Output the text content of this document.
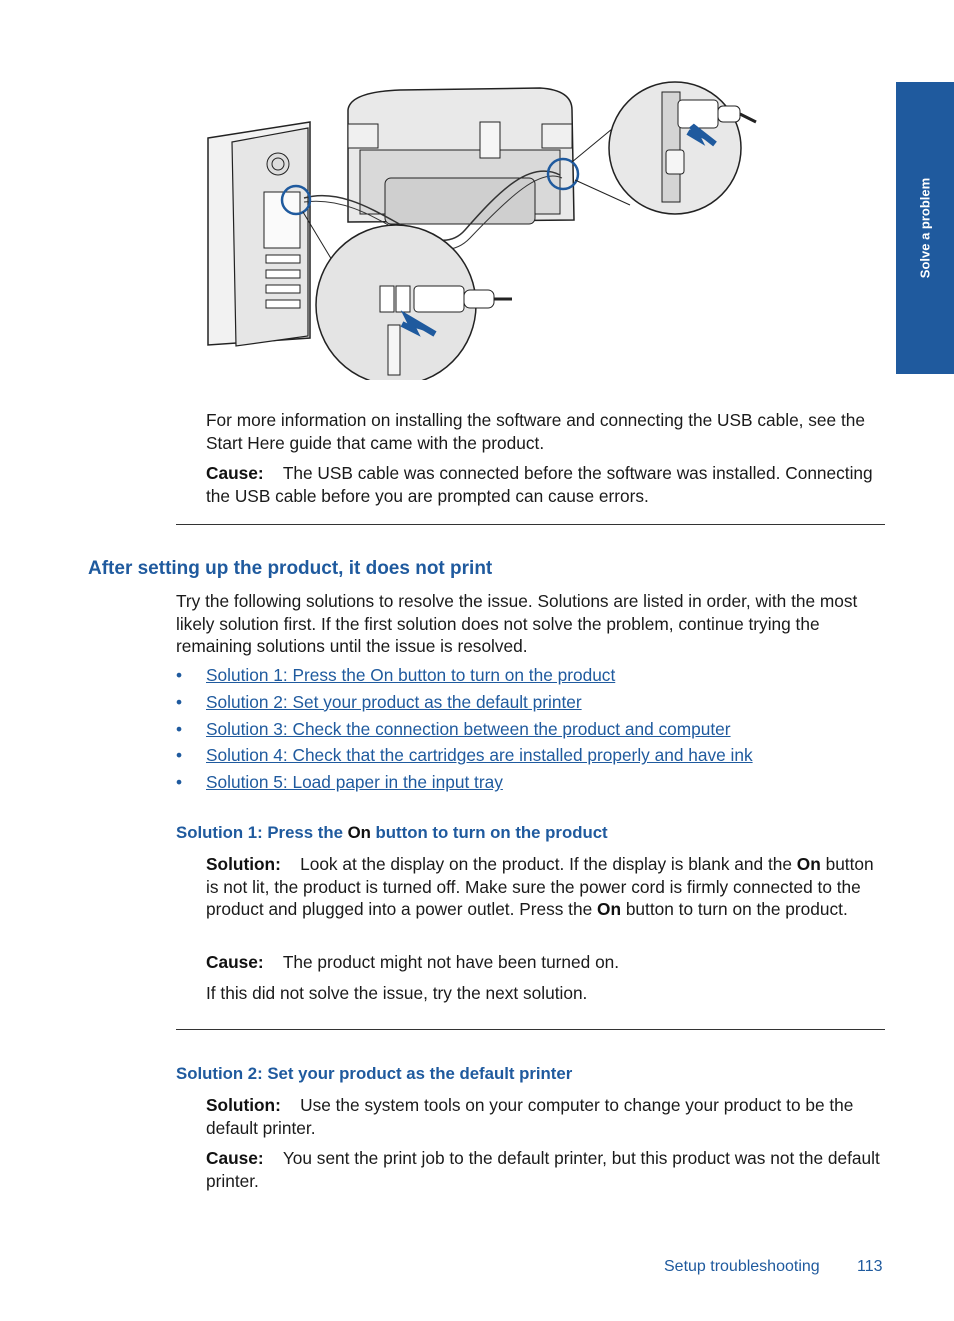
Solve a problem
For more information on installing the software and connecting the USB cable, see the Start Here guide that came with the product.
Cause: The USB cable was connected before the software was installed. Connecting the USB cable before you are prompted can cause errors.
After setting up the product, it does not print
Try the following solutions to resolve the issue. Solutions are listed in order, with the most likely solution first. If the first solution does not solve the problem, continue trying the remaining solutions until the issue is resolved.
• Solution 1: Press the On button to turn on the product
• Solution 2: Set your product as the default printer
• Solution 3: Check the connection between the product and computer
• Solution 4: Check that the cartridges are installed properly and have ink
• Solution 5: Load paper in the input tray
Solution 1: Press the On button to turn on the product
Solution: Look at the display on the product. If the display is blank and the On button is not lit, the product is turned off. Make sure the power cord is firmly connected to the product and plugged into a power outlet. Press the On button to turn on the product.
Cause: The product might not have been turned on.
If this did not solve the issue, try the next solution.
Solution 2: Set your product as the default printer
Solution: Use the system tools on your computer to change your product to be the default printer.
Cause: You sent the print job to the default printer, but this product was not the default printer.
Setup troubleshooting 113
